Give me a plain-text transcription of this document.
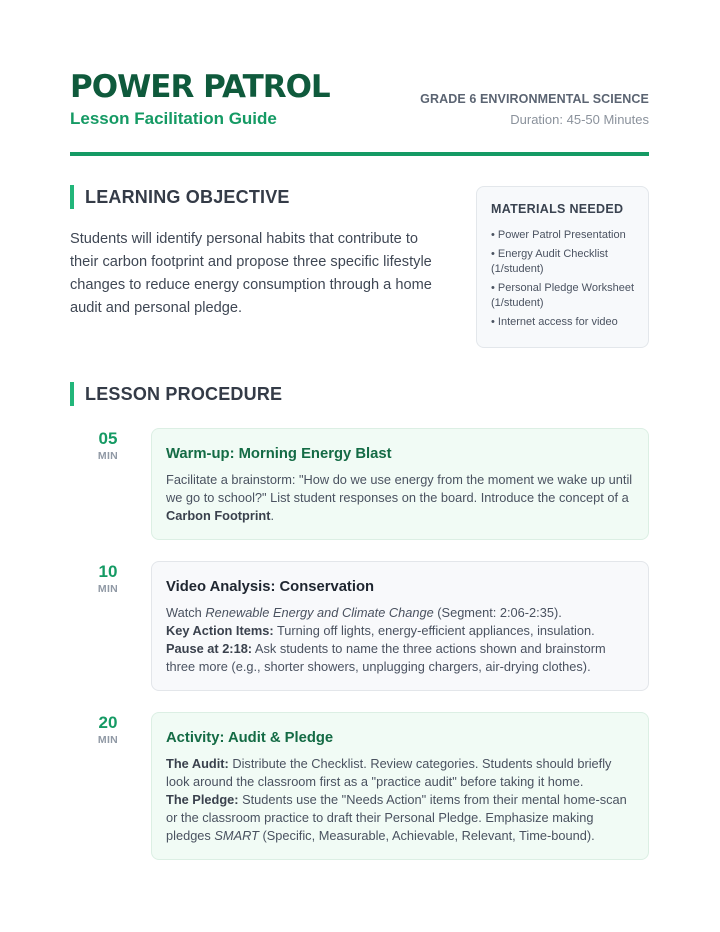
POWER PATROL
Lesson Facilitation Guide
GRADE 6 ENVIRONMENTAL SCIENCE
Duration: 45-50 Minutes
LEARNING OBJECTIVE

Students will identify personal habits that contribute to their carbon footprint and propose three specific lifestyle changes to reduce energy consumption through a home audit and personal pledge.

MATERIALS NEEDED
• Power Patrol Presentation
• Energy Audit Checklist (1/student)
• Personal Pledge Worksheet (1/student)
• Internet access for video
LESSON PROCEDURE
05
MIN	Warm-up: Morning Energy Blast

Facilitate a brainstorm: "How do we use energy from the moment we wake up until we go to school?" List student responses on the board. Introduce the concept of a Carbon Footprint.

10
MIN	Video Analysis: Conservation

Watch Renewable Energy and Climate Change (Segment: 2:06-2:35).

Key Action Items: Turning off lights, energy-efficient appliances, insulation.

Pause at 2:18: Ask students to name the three actions shown and brainstorm three more (e.g., shorter showers, unplugging chargers, air-drying clothes).

20
MIN	Activity: Audit & Pledge

The Audit: Distribute the Checklist. Review categories. Students should briefly look around the classroom first as a "practice audit" before taking it home.

The Pledge: Students use the "Needs Action" items from their mental home-scan or the classroom practice to draft their Personal Pledge. Emphasize making pledges SMART (Specific, Measurable, Achievable, Relevant, Time-bound).
